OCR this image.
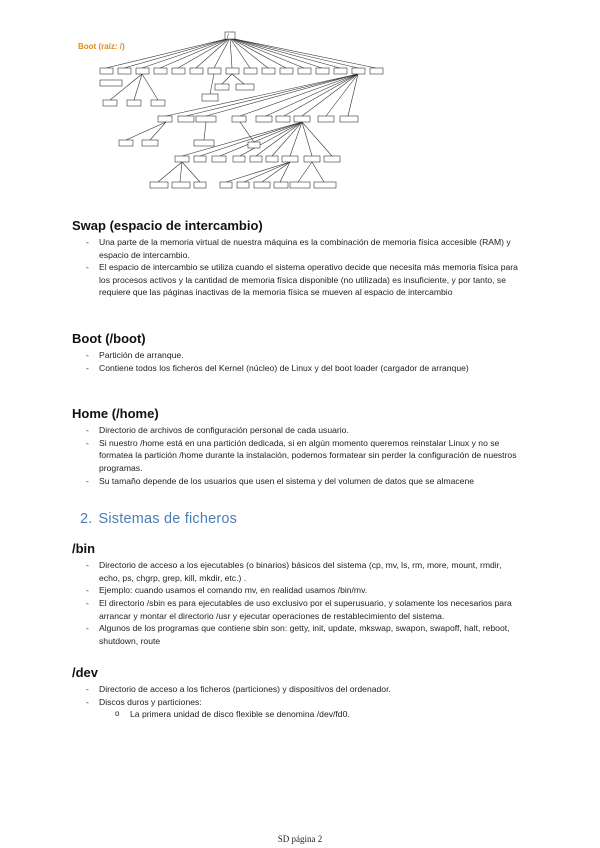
Boot (raíz: /)
/
Swap (espacio de intercambio)
- Una parte de la memoria virtual de nuestra máquina es la combinación de memoria física accesible (RAM) y espacio de intercambio.
- El espacio de intercambio se utiliza cuando el sistema operativo decide que necesita más memoria física para los procesos activos y la cantidad de memoria física disponible (no utilizada) es insuficiente, y por tanto, se requiere que las páginas inactivas de la memoria física se mueven al espacio de intercambio
Boot (/boot)
- Partición de arranque.
- Contiene todos los ficheros del Kernel (núcleo) de Linux y del boot loader (cargador de arranque)
Home (/home)
- Directorio de archivos de configuración personal de cada usuario.
- Si nuestro /home está en una partición dedicada, si en algún momento queremos reinstalar Linux y no se formatea la partición /home durante la instalación, podemos formatear sin perder la configuración de nuestros programas.
- Su tamaño depende de los usuarios que usen el sistema y del volumen de datos que se almacene
2. Sistemas de ficheros
/bin
- Directorio de acceso a los ejecutables (o binarios) básicos del sistema (cp, mv, ls, rm, more, mount, rmdir, echo, ps, chgrp, grep, kill, mkdir, etc.) .
- Ejemplo: cuando usamos el comando mv, en realidad usamos /bin/mv.
- El directorio /sbin es para ejecutables de uso exclusivo por el superusuario, y solamente los necesarios para arrancar y montar el directorio /usr y ejecutar operaciones de restablecimiento del sistema.
- Algunos de los programas que contiene sbin son: getty, init, update, mkswap, swapon, swapoff, halt, reboot, shutdown, route
/dev
- Directorio de acceso a los ficheros (particiones) y dispositivos del ordenador.
- Discos duros y particiones:
o La primera unidad de disco flexible se denomina /dev/fd0.
SD página 2
